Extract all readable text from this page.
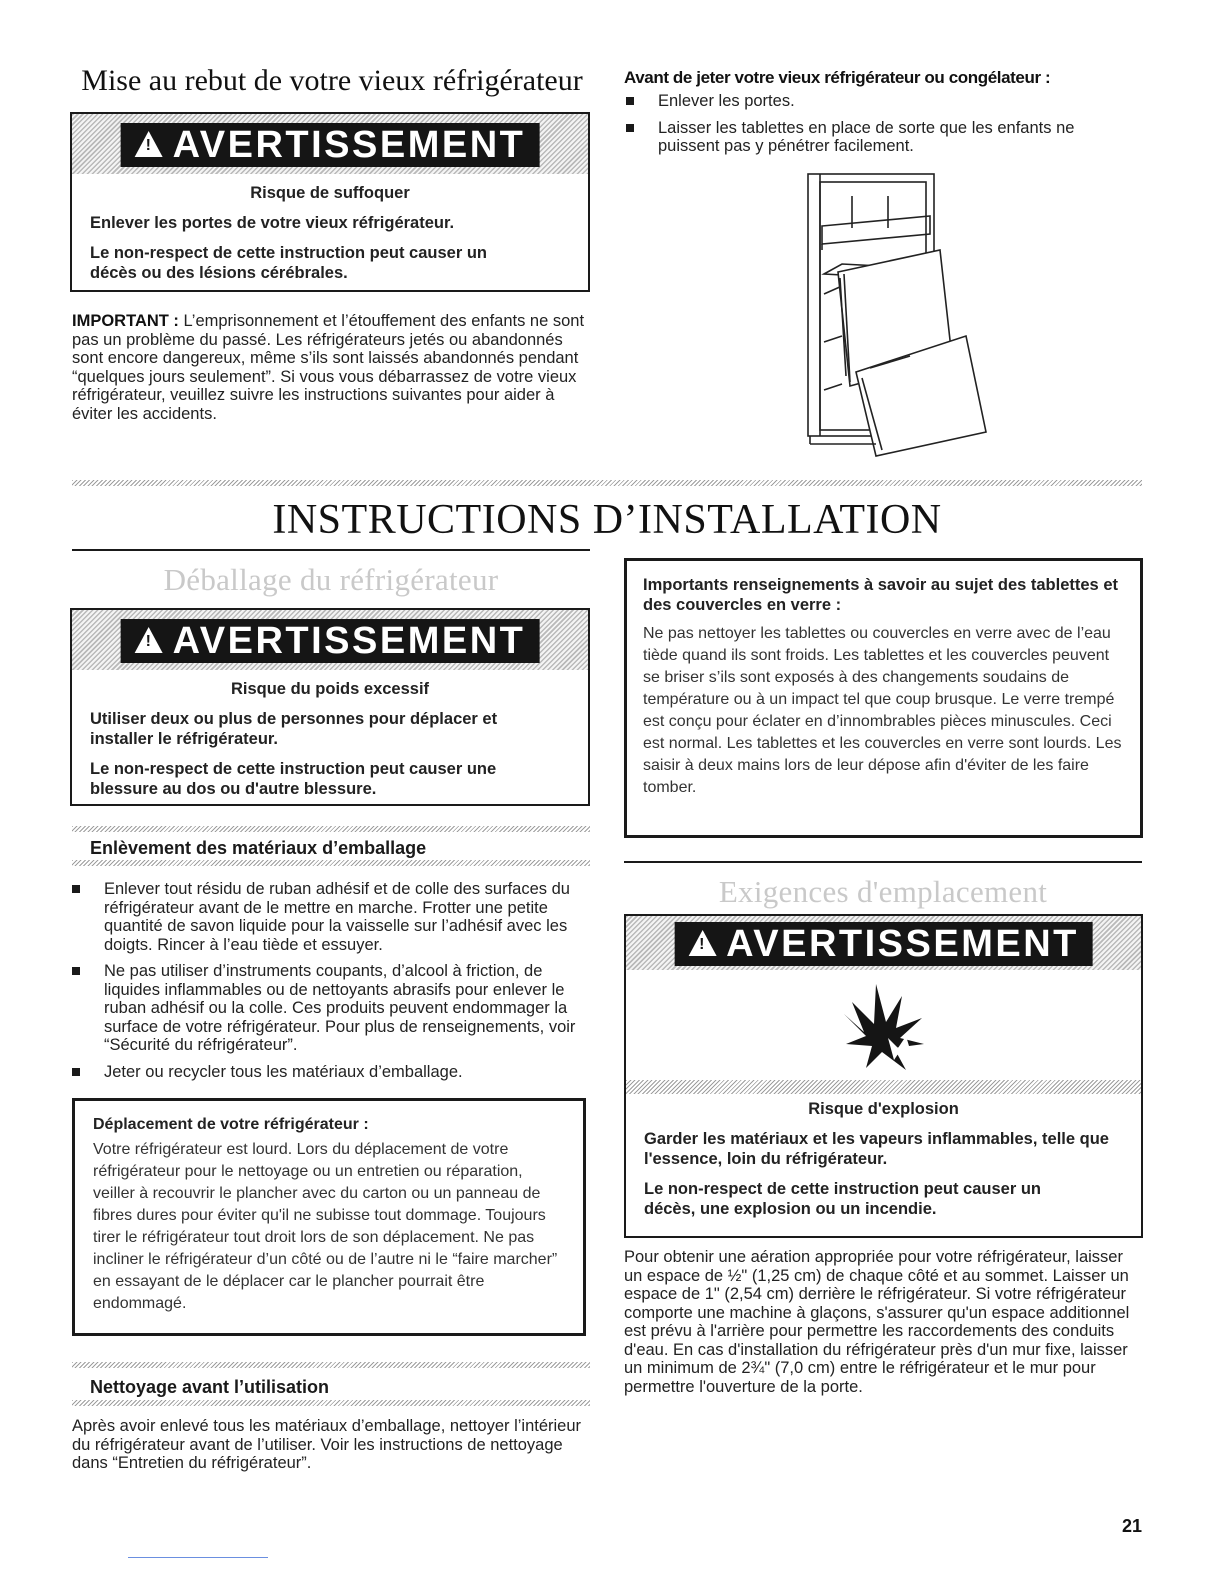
Mise au rebut de votre vieux réfrigérateur
!
AVERTISSEMENT
Risque de suffoquer
Enlever les portes de votre vieux réfrigérateur.
Le non-respect de cette instruction peut causer un décès ou des lésions cérébrales.
IMPORTANT : L’emprisonnement et l’étouffement des enfants ne sont pas un problème du passé. Les réfrigérateurs jetés ou abandonnés sont encore dangereux, même s’ils sont laissés abandonnés pendant “quelques jours seulement”. Si vous vous débarrassez de votre vieux réfrigérateur, veuillez suivre les instructions suivantes pour aider à éviter les accidents.
Avant de jeter votre vieux réfrigérateur ou congélateur :
Enlever les portes.
Laisser les tablettes en place de sorte que les enfants ne puissent pas y pénétrer facilement.
INSTRUCTIONS D’INSTALLATION
Déballage du réfrigérateur
!
AVERTISSEMENT
Risque du poids excessif
Utiliser deux ou plus de personnes pour déplacer et installer le réfrigérateur.
Le non-respect de cette instruction peut causer une blessure au dos ou d'autre blessure.
Enlèvement des matériaux d’emballage
Enlever tout résidu de ruban adhésif et de colle des surfaces du réfrigérateur avant de le mettre en marche. Frotter une petite quantité de savon liquide pour la vaisselle sur l’adhésif avec les doigts. Rincer à l’eau tiède et essuyer.
Ne pas utiliser d’instruments coupants, d’alcool à friction, de liquides inflammables ou de nettoyants abrasifs pour enlever le ruban adhésif ou la colle. Ces produits peuvent endommager la surface de votre réfrigérateur. Pour plus de renseignements, voir “Sécurité du réfrigérateur”.
Jeter ou recycler tous les matériaux d’emballage.
Déplacement de votre réfrigérateur :
Votre réfrigérateur est lourd. Lors du déplacement de votre réfrigérateur pour le nettoyage ou un entretien ou réparation, veiller à recouvrir le plancher avec du carton ou un panneau de fibres dures pour éviter qu'il ne subisse tout dommage. Toujours tirer le réfrigérateur tout droit lors de son déplacement. Ne pas incliner le réfrigérateur d’un côté ou de l’autre ni le “faire marcher” en essayant de le déplacer car le plancher pourrait être endommagé.
Nettoyage avant l’utilisation
Après avoir enlevé tous les matériaux d’emballage, nettoyer l’intérieur du réfrigérateur avant de l’utiliser. Voir les instructions de nettoyage dans “Entretien du réfrigérateur”.
Importants renseignements à savoir au sujet des tablettes et des couvercles en verre :
Ne pas nettoyer les tablettes ou couvercles en verre avec de l’eau tiède quand ils sont froids. Les tablettes et les couvercles peuvent se briser s’ils sont exposés à des changements soudains de température ou à un impact tel que coup brusque. Le verre trempé est conçu pour éclater en d’innombrables pièces minuscules. Ceci est normal. Les tablettes et les couvercles en verre sont lourds. Les saisir à deux mains lors de leur dépose afin d'éviter de les faire tomber.
Exigences d'emplacement
!
AVERTISSEMENT
Risque d'explosion
Garder les matériaux et les vapeurs inflammables, telle que l'essence, loin du réfrigérateur.
Le non-respect de cette instruction peut causer un décès, une explosion ou un incendie.
Pour obtenir une aération appropriée pour votre réfrigérateur, laisser un espace de ½" (1,25 cm) de chaque côté et au sommet. Laisser un espace de 1" (2,54 cm) derrière le réfrigérateur. Si votre réfrigérateur comporte une machine à glaçons, s'assurer qu'un espace additionnel est prévu à l'arrière pour permettre les raccordements des conduits d'eau. En cas d'installation du réfrigérateur près d'un mur fixe, laisser un minimum de 2¾" (7,0 cm) entre le réfrigérateur et le mur pour permettre l'ouverture de la porte.
21
